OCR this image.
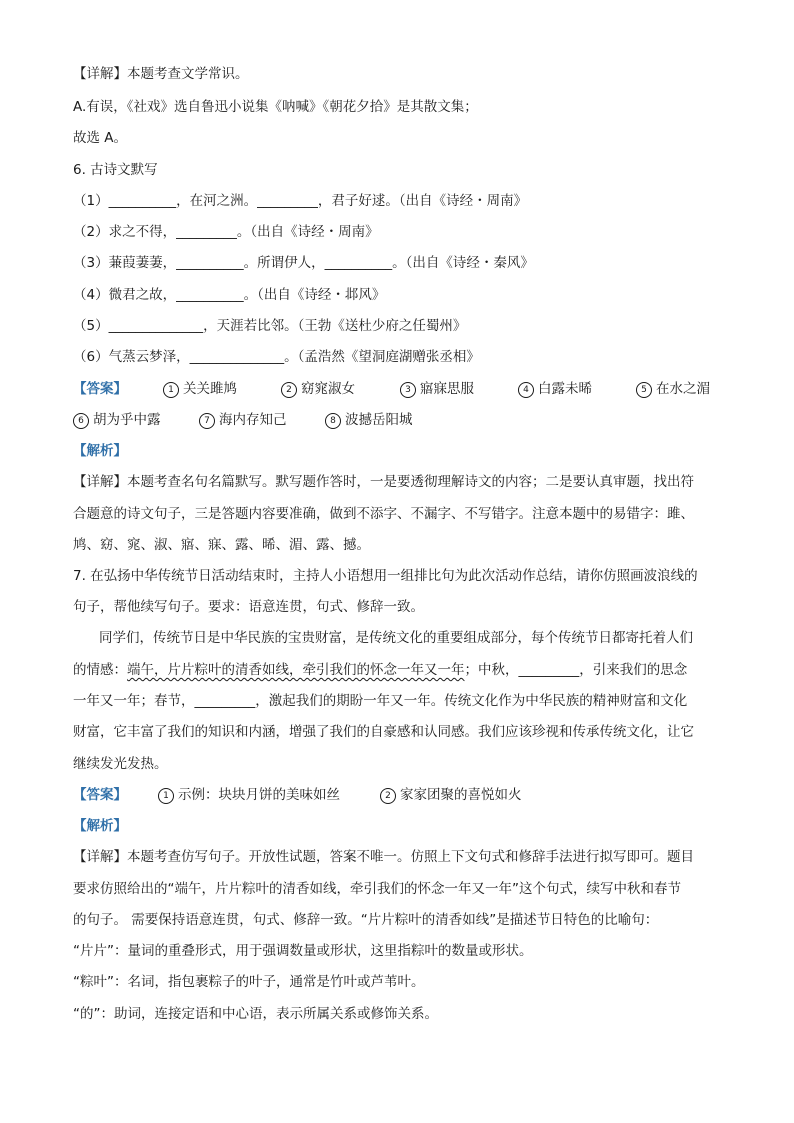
【详解】本题考查文学常识。
A.有误，《社戏》选自鲁迅小说集《呐喊》《朝花夕拾》是其散文集；
故选 A。
6. 古诗文默写
（1）__________，在河之洲。_________，君子好逑。（出自《诗经・周南》
（2）求之不得，_________。（出自《诗经・周南》
（3）蒹葭萋萋，__________。所谓伊人，__________。（出自《诗经・秦风》
（4）微君之故，__________。（出自《诗经・邶风》
（5）______________，天涯若比邻。（王勃《送杜少府之任蜀州》
（6）气蒸云梦泽，______________。（孟浩然《望洞庭湖赠张丞相》
【答案】	1 关关雎鸠	2 窈窕淑女	3 寤寐思服	4 白露未晞	5 在水之湄
6 胡为乎中露	7 海内存知己	8 波撼岳阳城
【解析】
【详解】本题考查名句名篇默写。默写题作答时，一是要透彻理解诗文的内容；二是要认真审题，找出符
合题意的诗文句子，三是答题内容要准确，做到不添字、不漏字、不写错字。注意本题中的易错字：雎、
鸠、窈、窕、淑、寤、寐、露、晞、湄、露、撼。
7. 在弘扬中华传统节日活动结束时，主持人小语想用一组排比句为此次活动作总结，请你仿照画波浪线的
句子，帮他续写句子。要求：语意连贯，句式、修辞一致。
同学们，传统节日是中华民族的宝贵财富，是传统文化的重要组成部分，每个传统节日都寄托着人们
的情感：端午，片片粽叶的清香如线，牵引我们的怀念一年又一年；中秋，_________，引来我们的思念
一年又一年；春节，_________，激起我们的期盼一年又一年。传统文化作为中华民族的精神财富和文化
财富，它丰富了我们的知识和内涵，增强了我们的自豪感和认同感。我们应该珍视和传承传统文化，让它
继续发光发热。
【答案】	1 示例：块块月饼的美味如丝	2 家家团聚的喜悦如火
【解析】
【详解】本题考查仿写句子。开放性试题，答案不唯一。仿照上下文句式和修辞手法进行拟写即可。题目
要求仿照给出的“端午，片片粽叶的清香如线，牵引我们的怀念一年又一年”这个句式，续写中秋和春节
的句子。 需要保持语意连贯，句式、修辞一致。“片片粽叶的清香如线”是描述节日特色的比喻句：
“片片”：量词的重叠形式，用于强调数量或形状，这里指粽叶的数量或形状。
“粽叶”：名词，指包裹粽子的叶子，通常是竹叶或芦苇叶。
“的”：助词，连接定语和中心语，表示所属关系或修饰关系。
